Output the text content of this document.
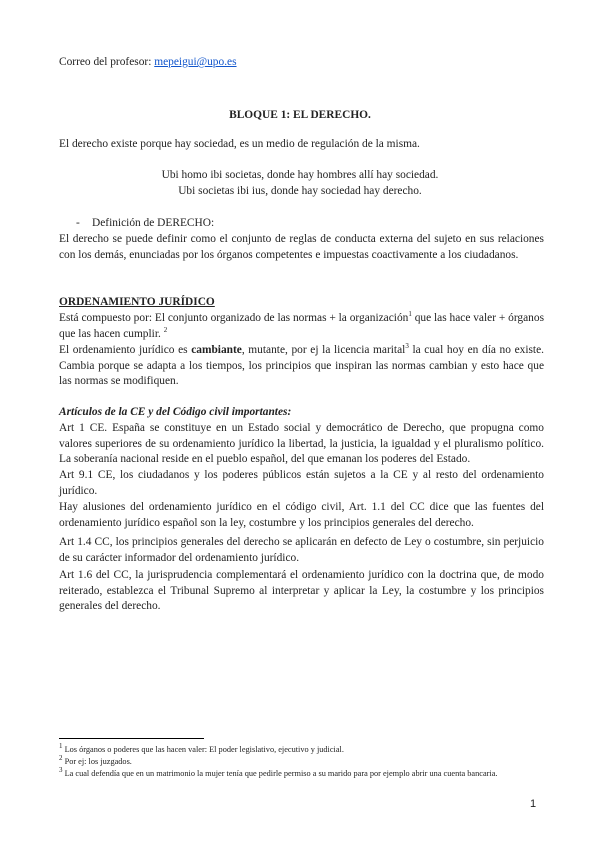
Correo del profesor: mepeigui@upo.es
BLOQUE 1: EL DERECHO.
El derecho existe porque hay sociedad, es un medio de regulación de la misma.
Ubi homo ibi societas, donde hay hombres allí hay sociedad.
Ubi societas ibi ius, donde hay sociedad hay derecho.
- Definición de DERECHO:
El derecho se puede definir como el conjunto de reglas de conducta externa del sujeto en sus relaciones con los demás, enunciadas por los órganos competentes e impuestas coactivamente a los ciudadanos.
ORDENAMIENTO JURÍDICO
Está compuesto por: El conjunto organizado de las normas + la organización$^1$ que las hace valer + órganos que las hacen cumplir. $^2$
El ordenamiento jurídico es cambiante, mutante, por ej la licencia marital$^3$ la cual hoy en día no existe. Cambia porque se adapta a los tiempos, los principios que inspiran las normas cambian y esto hace que las normas se modifiquen.
Artículos de la CE y del Código civil importantes:
Art 1 CE. España se constituye en un Estado social y democrático de Derecho, que propugna como valores superiores de su ordenamiento jurídico la libertad, la justicia, la igualdad y el pluralismo político. La soberanía nacional reside en el pueblo español, del que emanan los poderes del Estado.
Art 9.1 CE, los ciudadanos y los poderes públicos están sujetos a la CE y al resto del ordenamiento jurídico.
Hay alusiones del ordenamiento jurídico en el código civil, Art. 1.1 del CC dice que las fuentes del ordenamiento jurídico español son la ley, costumbre y los principios generales del derecho.
Art 1.4 CC, los principios generales del derecho se aplicarán en defecto de Ley o costumbre, sin perjuicio de su carácter informador del ordenamiento jurídico.
Art 1.6 del CC, la jurisprudencia complementará el ordenamiento jurídico con la doctrina que, de modo reiterado, establezca el Tribunal Supremo al interpretar y aplicar la Ley, la costumbre y los principios generales del derecho.
$^1$ Los órganos o poderes que las hacen valer: El poder legislativo, ejecutivo y judicial.
$^2$ Por ej: los juzgados.
$^3$ La cual defendía que en un matrimonio la mujer tenía que pedirle permiso a su marido para por ejemplo abrir una cuenta bancaria.
1
